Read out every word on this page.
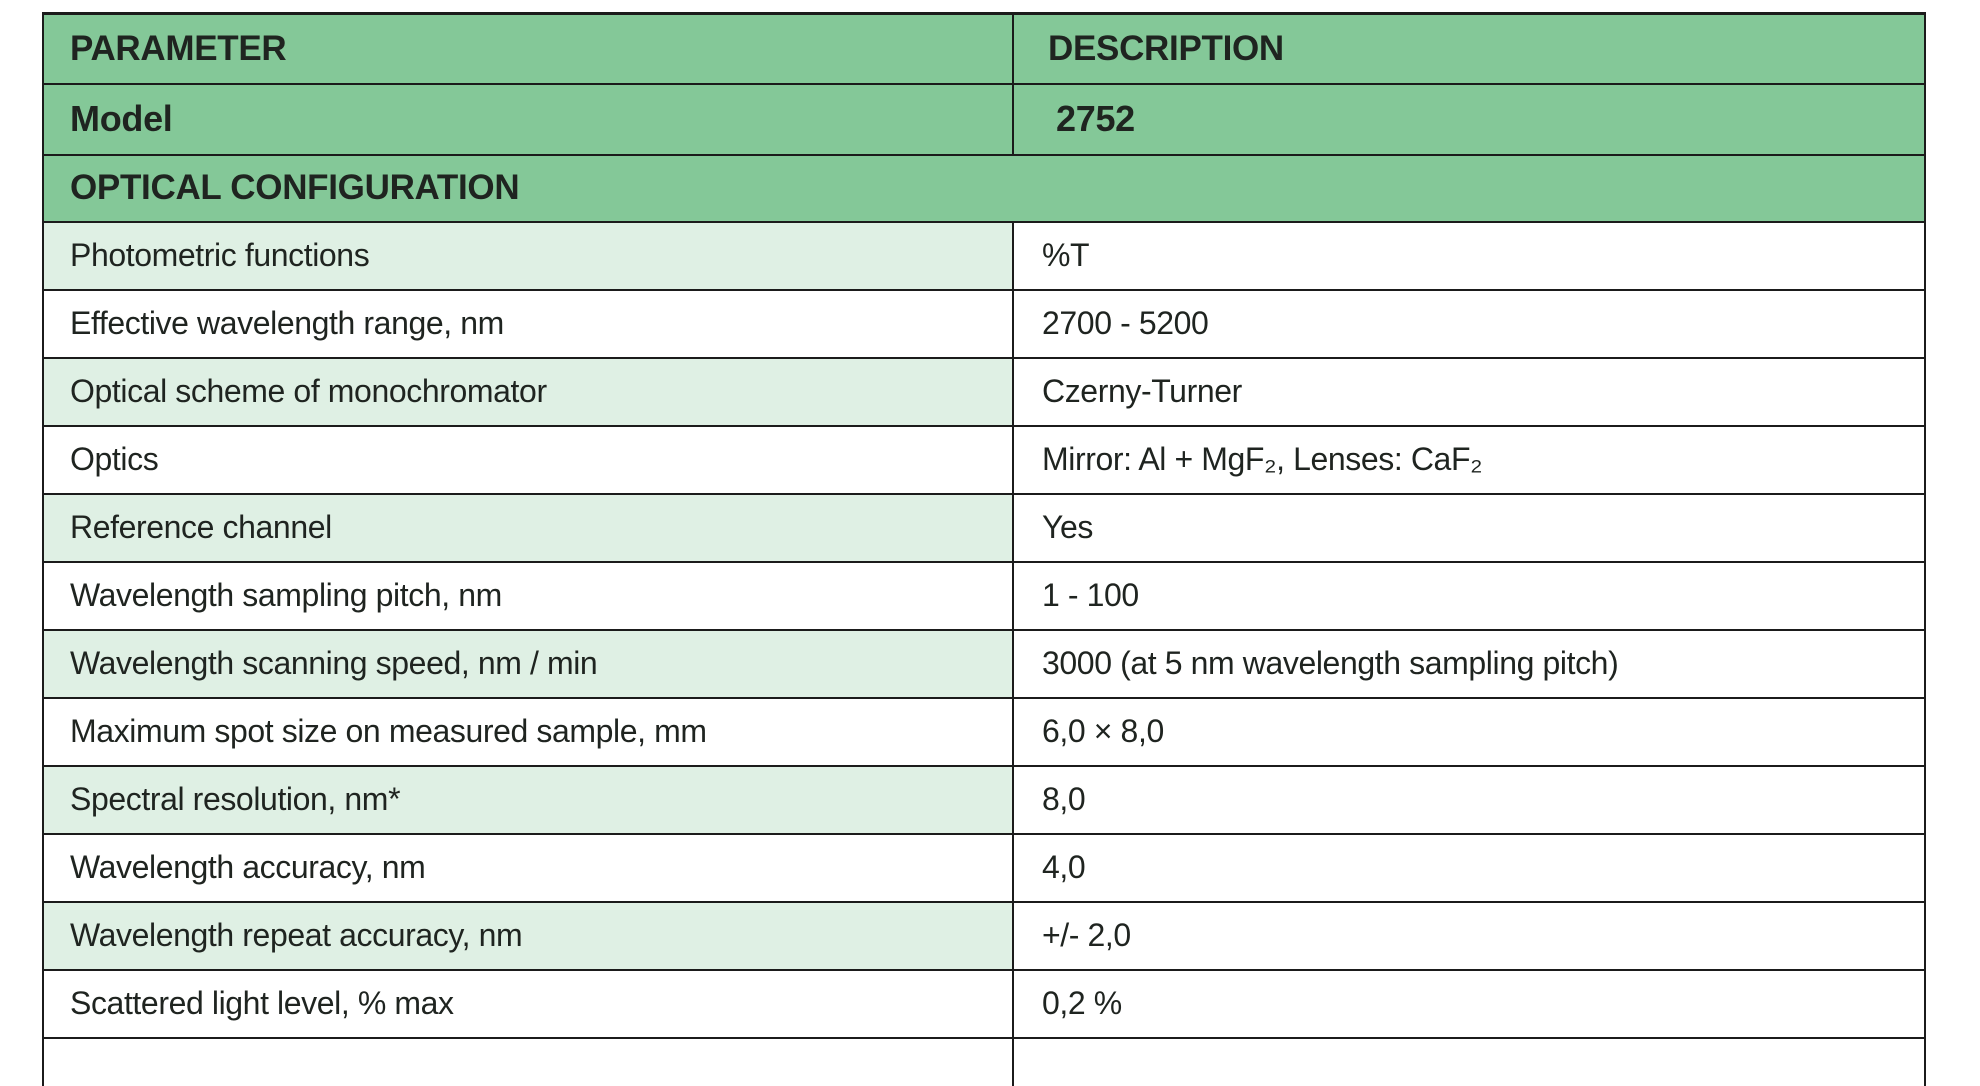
PARAMETER	DESCRIPTION
Model	2752
OPTICAL CONFIGURATION	
Photometric functions	%T
Effective wavelength range, nm	2700 - 5200
Optical scheme of monochromator	Czerny-Turner
Optics	Mirror: Al + MgF₂, Lenses: CaF₂
Reference channel	Yes
Wavelength sampling pitch, nm	1 - 100
Wavelength scanning speed, nm / min	3000 (at 5 nm wavelength sampling pitch)
Maximum spot size on measured sample, mm	6,0 × 8,0
Spectral resolution, nm*	8,0
Wavelength accuracy, nm	4,0
Wavelength repeat accuracy, nm	+/- 2,0
Scattered light level, % max	0,2 %
